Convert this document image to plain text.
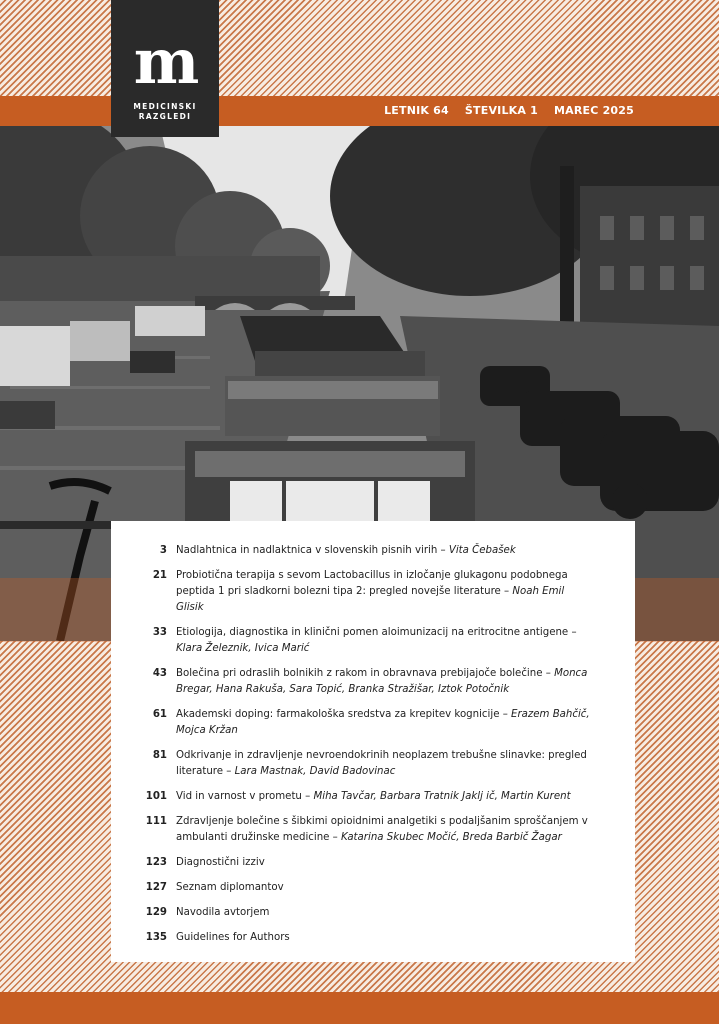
LETNIK 64 ŠTEVILKA 1 MAREC 2025
m
MEDICINSKI
RAZGLEDI
3 Nadlahtnica in nadlaktnica v slovenskih pisnih virih – Vita Čebašek
21 Probiotična terapija s sevom Lactobacillus in izločanje glukagonu podobnega peptida 1 pri sladkorni bolezni tipa 2: pregled novejše literature – Noah Emil Glisik
33 Etiologija, diagnostika in klinični pomen aloimunizacij na eritrocitne antigene – Klara Železnik, Ivica Marić
43 Bolečina pri odraslih bolnikih z rakom in obravnava prebijajoče bolečine – Monca Bregar, Hana Rakuša, Sara Topić, Branka Stražišar, Iztok Potočnik
61 Akademski doping: farmakološka sredstva za krepitev kognicije – Erazem Bahčič, Mojca Kržan
81 Odkrivanje in zdravljenje nevroendokrinih neoplazem trebušne slinavke: pregled literature – Lara Mastnak, David Badovinac
101 Vid in varnost v prometu – Miha Tavčar, Barbara Tratnik Jaklj ič, Martin Kurent
111 Zdravljenje bolečine s šibkimi opioidnimi analgetiki s podaljšanim sproščanjem v ambulanti družinske medicine – Katarina Skubec Močić, Breda Barbič Žagar
123 Diagnostični izziv
127 Seznam diplomantov
129 Navodila avtorjem
135 Guidelines for Authors
